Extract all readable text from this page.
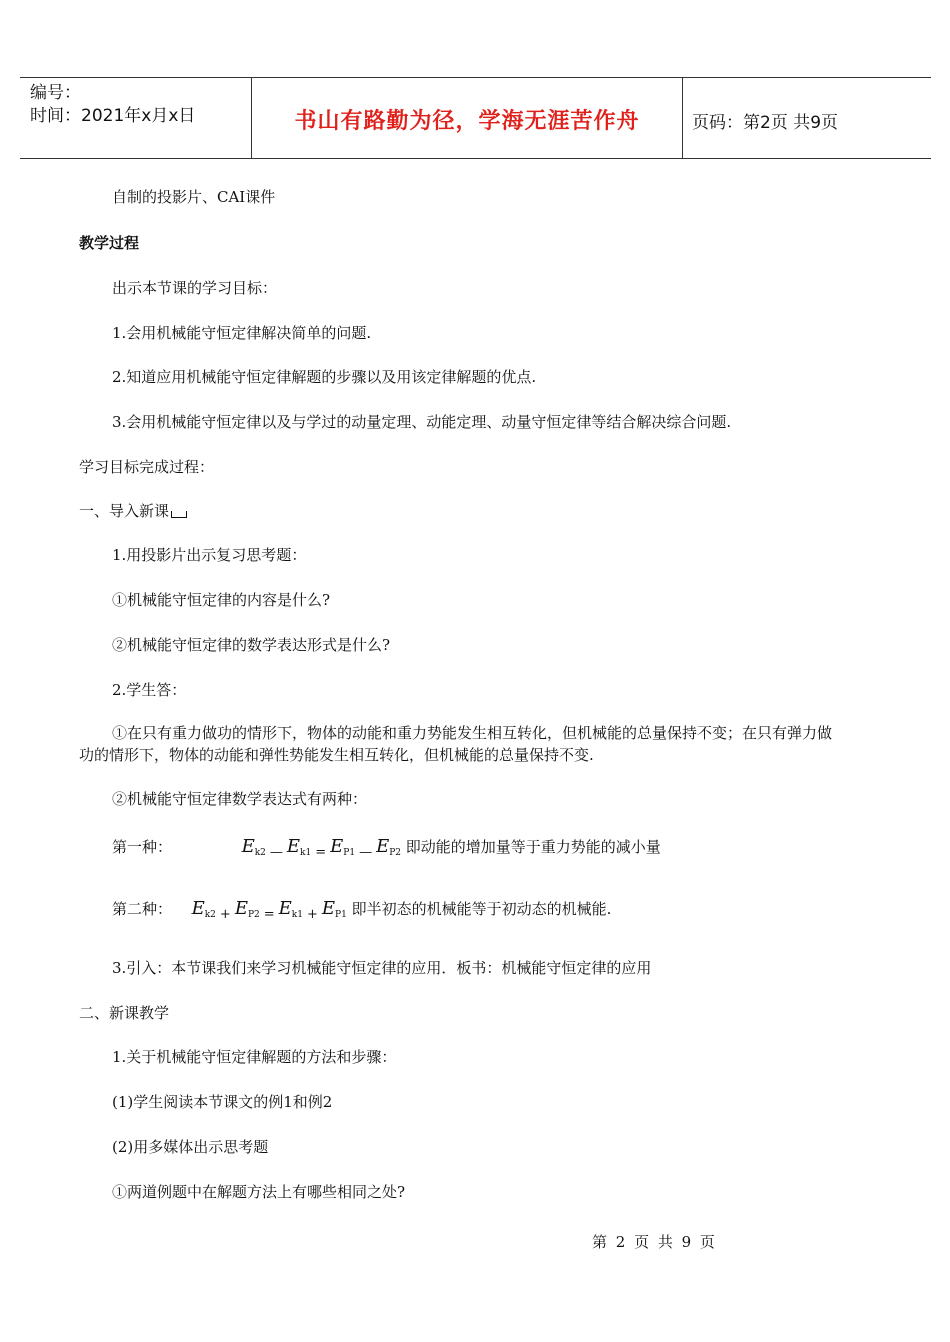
编号：
时间：2021年x月x日	书山有路勤为径，学海无涯苦作舟	页码：第2页 共9页
自制的投影片、CAI课件
教学过程
出示本节课的学习目标：
1.会用机械能守恒定律解决简单的问题.
2.知道应用机械能守恒定律解题的步骤以及用该定律解题的优点.
3.会用机械能守恒定律以及与学过的动量定理、动能定理、动量守恒定律等结合解决综合问题.
学习目标完成过程：
一、导入新课
1.用投影片出示复习思考题：
①机械能守恒定律的内容是什么?
②机械能守恒定律的数学表达形式是什么?
2.学生答：
①在只有重力做功的情形下，物体的动能和重力势能发生相互转化，但机械能的总量保持不变；在只有弹力做功的情形下，物体的动能和弹性势能发生相互转化，但机械能的总量保持不变.
②机械能守恒定律数学表达式有两种：
第一种：	$E_{k2}$ — $E_{k1} = E_{P1}$ — $E_{P2}$ 即动能的增加量等于重力势能的减小量
第二种： $E_{k2} + E_{P2} = E_{k1} + E_{P1}$ 即半初态的机械能等于初动态的机械能.
3.引入：本节课我们来学习机械能守恒定律的应用．板书：机械能守恒定律的应用
二、新课教学
1.关于机械能守恒定律解题的方法和步骤：
(1)学生阅读本节课文的例1和例2
(2)用多媒体出示思考题
①两道例题中在解题方法上有哪些相同之处?
第 2 页 共 9 页
